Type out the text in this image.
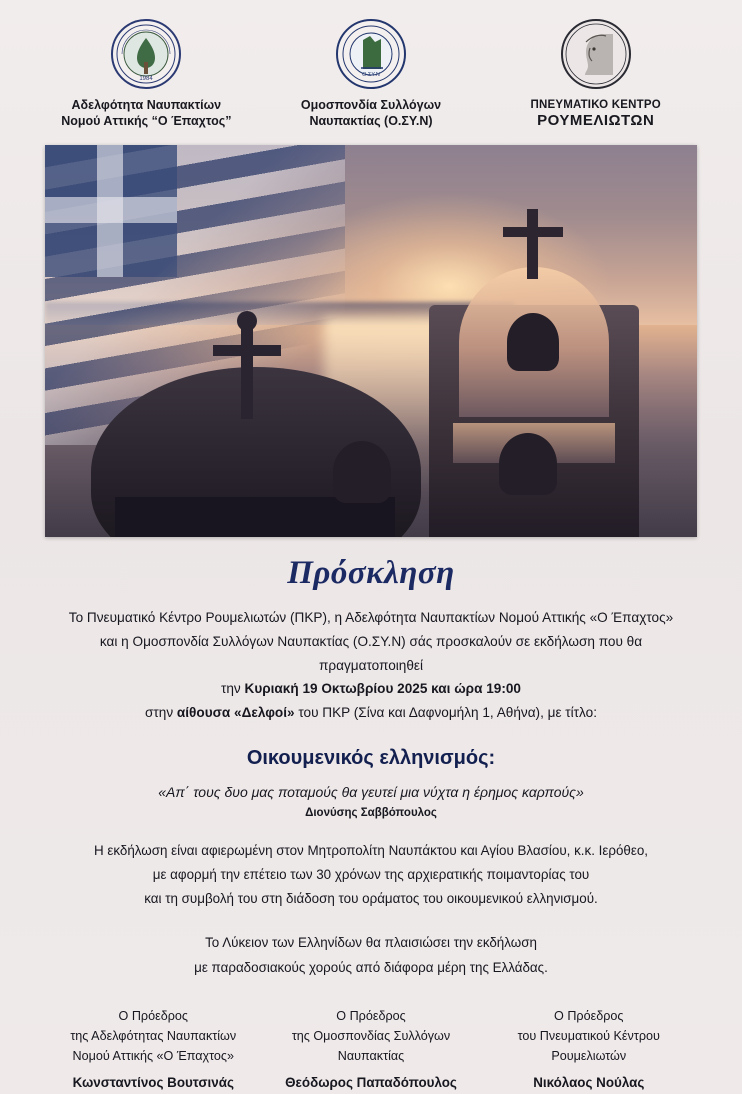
1984
Αδελφότητα Ναυπακτίων
Νομού Αττικής “Ο Έπαχτος”
Ο.ΣΥ.Ν
Ομοσπονδία Συλλόγων
Ναυπακτίας (Ο.ΣΥ.Ν)
ΠΝΕΥΜΑΤΙΚΟ ΚΕΝΤΡΟ
ΡΟΥΜΕΛΙΩΤΩΝ
Πρόσκληση
Το Πνευματικό Κέντρο Ρουμελιωτών (ΠΚΡ), η Αδελφότητα Ναυπακτίων Νομού Αττικής «Ο Έπαχτος»
και η Ομοσπονδία Συλλόγων Ναυπακτίας (Ο.ΣΥ.Ν) σάς προσκαλούν σε εκδήλωση που θα πραγματοποιηθεί
την Κυριακή 19 Οκτωβρίου 2025 και ώρα 19:00
στην αίθουσα «Δελφοί» του ΠΚΡ (Σίνα και Δαφνομήλη 1, Αθήνα), με τίτλο:
Οικουμενικός ελληνισμός:
«Απ΄ τους δυο μας ποταμούς θα γευτεί μια νύχτα η έρημος καρπούς»
Διονύσης Σαββόπουλος
Η εκδήλωση είναι αφιερωμένη στον Μητροπολίτη Ναυπάκτου και Αγίου Βλασίου, κ.κ. Ιερόθεο,
με αφορμή την επέτειο των 30 χρόνων της αρχιερατικής ποιμαντορίας του
και τη συμβολή του στη διάδοση του οράματος του οικουμενικού ελληνισμού.
Το Λύκειον των Ελληνίδων θα πλαισιώσει την εκδήλωση
με παραδοσιακούς χορούς από διάφορα μέρη της Ελλάδας.
Ο Πρόεδρος
της Αδελφότητας Ναυπακτίων
Νομού Αττικής «Ο Έπαχτος»
Κωνσταντίνος Βουτσινάς
Ο Πρόεδρος
της Ομοσπονδίας Συλλόγων
Ναυπακτίας
Θεόδωρος Παπαδόπουλος
Ο Πρόεδρος
του Πνευματικού Κέντρου
Ρουμελιωτών
Νικόλαος Νούλας
